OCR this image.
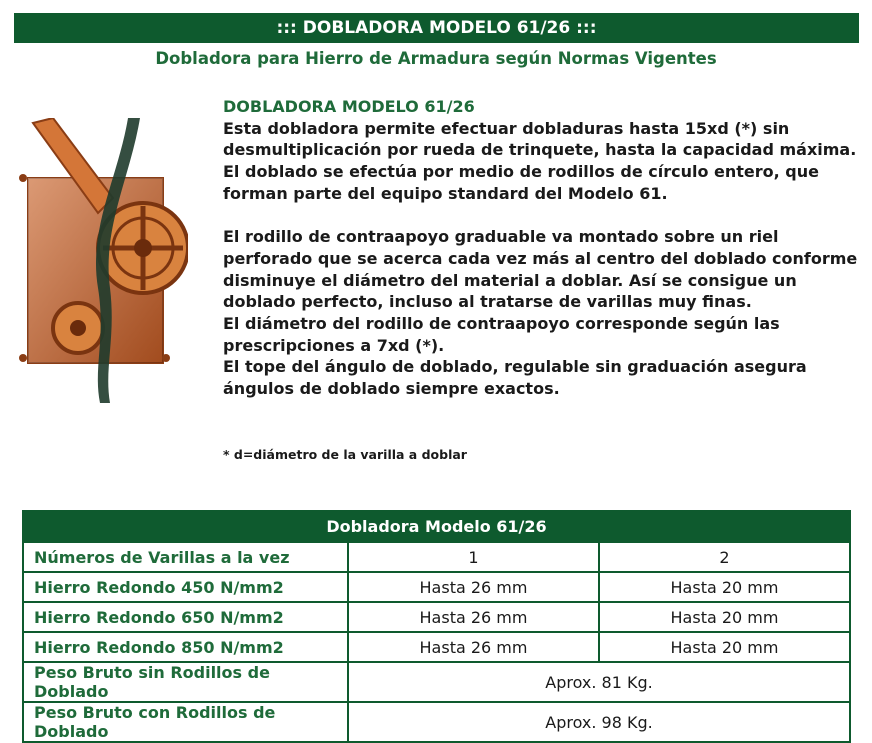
::: DOBLADORA MODELO 61/26 :::
Dobladora para Hierro de Armadura según Normas Vigentes
DOBLADORA MODELO 61/26

Esta dobladora permite efectuar dobladuras hasta 15xd (*) sin desmultiplicación por rueda de trinquete, hasta la capacidad máxima. El doblado se efectúa por medio de rodillos de círculo entero, que forman parte del equipo standard del Modelo 61.

El rodillo de contraapoyo graduable va montado sobre un riel perforado que se acerca cada vez más al centro del doblado conforme disminuye el diámetro del material a doblar. Así se consigue un doblado perfecto, incluso al tratarse de varillas muy finas.

El diámetro del rodillo de contraapoyo corresponde según las prescripciones a 7xd (*).

El tope del ángulo de doblado, regulable sin graduación asegura ángulos de doblado siempre exactos.

* d=diámetro de la varilla a doblar
Dobladora Modelo 61/26		
Números de Varillas a la vez	1	2
Hierro Redondo 450 N/mm2	Hasta 26 mm	Hasta 20 mm
Hierro Redondo 650 N/mm2	Hasta 26 mm	Hasta 20 mm
Hierro Redondo 850 N/mm2	Hasta 26 mm	Hasta 20 mm
Peso Bruto sin Rodillos de Doblado	Aprox. 81 Kg.	
Peso Bruto con Rodillos de Doblado	Aprox. 98 Kg.	
